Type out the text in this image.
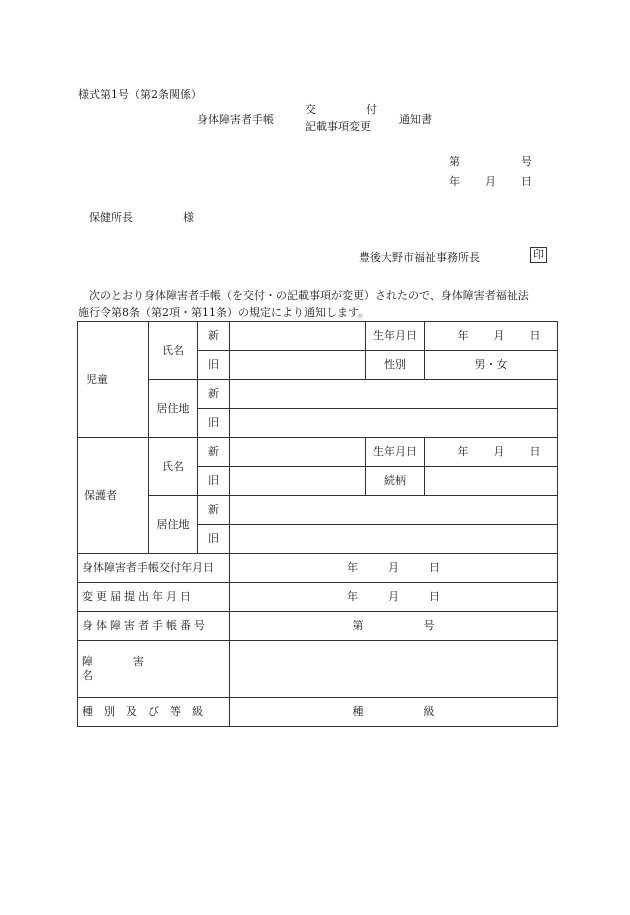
様式第1号（第2条関係）
身体障害者手帳
交	付
記載事項変更
通知書
第	号
年 月 日
保健所長	様
豊後大野市福祉事務所長	印
次のとおり身体障害者手帳（を交付・の記載事項が変更）されたので、身体障害者福祉法
施行令第8条（第2項・第11条）の規定により通知します。
児童	氏名	新		生年月日	年 月 日

		旧		性別	男・女
	居住地	新			
		旧			

保護者	氏名	新		生年月日	年 月 日

		旧		続柄	
	居住地	新			
		旧			
身体障害者手帳交付年月日			年 月 日		

変更届提出年月日			年 月 日		

身体障害者手帳番号			第 号		

障害名					
種別及び等級			種 級		
